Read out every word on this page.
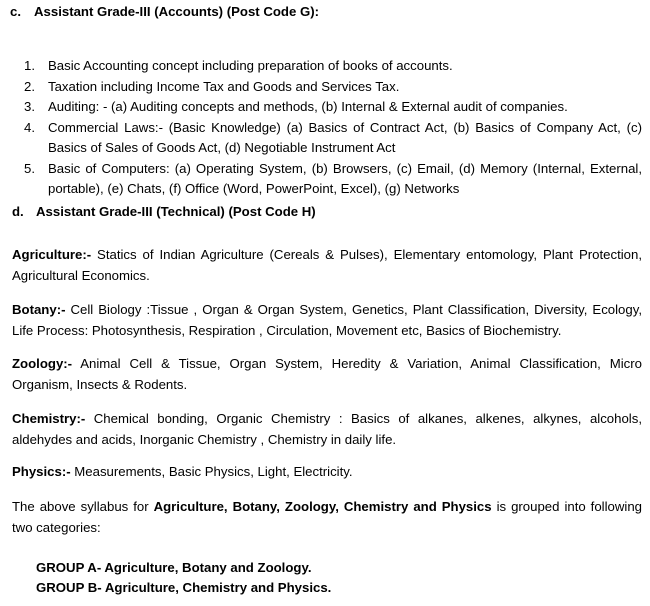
c. Assistant Grade-III (Accounts) (Post Code G):
1. Basic Accounting concept including preparation of books of accounts.
2. Taxation including Income Tax and Goods and Services Tax.
3. Auditing: - (a) Auditing concepts and methods, (b) Internal & External audit of companies.
4. Commercial Laws:- (Basic Knowledge) (a) Basics of Contract Act, (b) Basics of Company Act, (c) Basics of Sales of Goods Act, (d) Negotiable Instrument Act
5. Basic of Computers: (a) Operating System, (b) Browsers, (c) Email, (d) Memory (Internal, External, portable), (e) Chats, (f) Office (Word, PowerPoint, Excel), (g) Networks
d. Assistant Grade-III (Technical) (Post Code H)

Agriculture:- Statics of Indian Agriculture (Cereals & Pulses), Elementary entomology, Plant Protection, Agricultural Economics.

Botany:- Cell Biology :Tissue , Organ & Organ System, Genetics, Plant Classification, Diversity, Ecology, Life Process: Photosynthesis, Respiration , Circulation, Movement etc, Basics of Biochemistry.

Zoology:- Animal Cell & Tissue, Organ System, Heredity & Variation, Animal Classification, Micro Organism, Insects & Rodents.

Chemistry:- Chemical bonding, Organic Chemistry : Basics of alkanes, alkenes, alkynes, alcohols, aldehydes and acids, Inorganic Chemistry , Chemistry in daily life.

Physics:- Measurements, Basic Physics, Light, Electricity.

The above syllabus for Agriculture, Botany, Zoology, Chemistry and Physics is grouped into following two categories:

GROUP A- Agriculture, Botany and Zoology.
GROUP B- Agriculture, Chemistry and Physics.
